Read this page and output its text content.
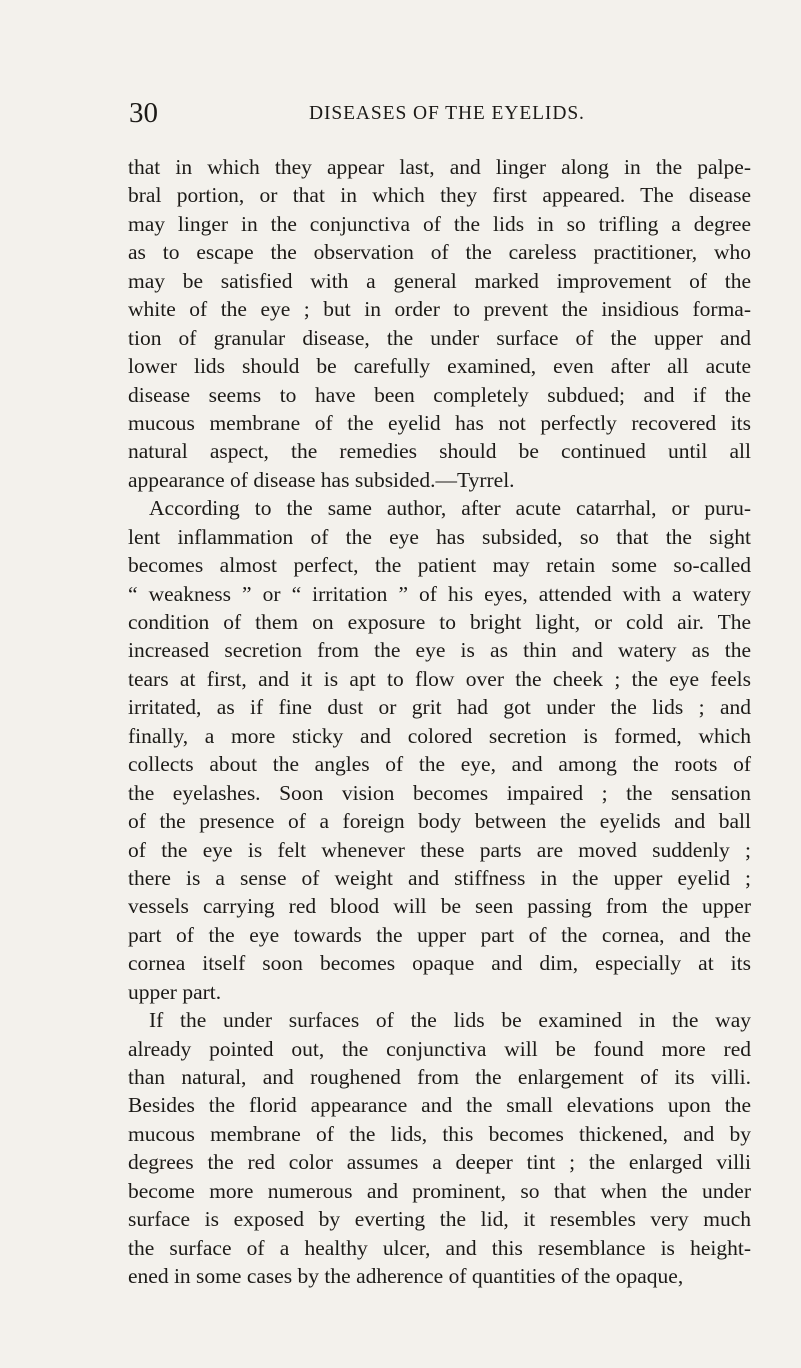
30	DISEASES OF THE EYELIDS.
that in which they appear last, and linger along in the palpe-
bral portion, or that in which they first appeared. The disease
may linger in the conjunctiva of the lids in so trifling a degree
as to escape the observation of the careless practitioner, who
may be satisfied with a general marked improvement of the
white of the eye ; but in order to prevent the insidious forma-
tion of granular disease, the under surface of the upper and
lower lids should be carefully examined, even after all acute
disease seems to have been completely subdued; and if the
mucous membrane of the eyelid has not perfectly recovered its
natural aspect, the remedies should be continued until all
appearance of disease has subsided.—Tyrrel.
According to the same author, after acute catarrhal, or puru-
lent inflammation of the eye has subsided, so that the sight
becomes almost perfect, the patient may retain some so-called
“ weakness ” or “ irritation ” of his eyes, attended with a watery
condition of them on exposure to bright light, or cold air. The
increased secretion from the eye is as thin and watery as the
tears at first, and it is apt to flow over the cheek ; the eye feels
irritated, as if fine dust or grit had got under the lids ; and
finally, a more sticky and colored secretion is formed, which
collects about the angles of the eye, and among the roots of
the eyelashes. Soon vision becomes impaired ; the sensation
of the presence of a foreign body between the eyelids and ball
of the eye is felt whenever these parts are moved suddenly ;
there is a sense of weight and stiffness in the upper eyelid ;
vessels carrying red blood will be seen passing from the upper
part of the eye towards the upper part of the cornea, and the
cornea itself soon becomes opaque and dim, especially at its
upper part.
If the under surfaces of the lids be examined in the way
already pointed out, the conjunctiva will be found more red
than natural, and roughened from the enlargement of its villi.
Besides the florid appearance and the small elevations upon the
mucous membrane of the lids, this becomes thickened, and by
degrees the red color assumes a deeper tint ; the enlarged villi
become more numerous and prominent, so that when the under
surface is exposed by everting the lid, it resembles very much
the surface of a healthy ulcer, and this resemblance is height-
ened in some cases by the adherence of quantities of the opaque,
